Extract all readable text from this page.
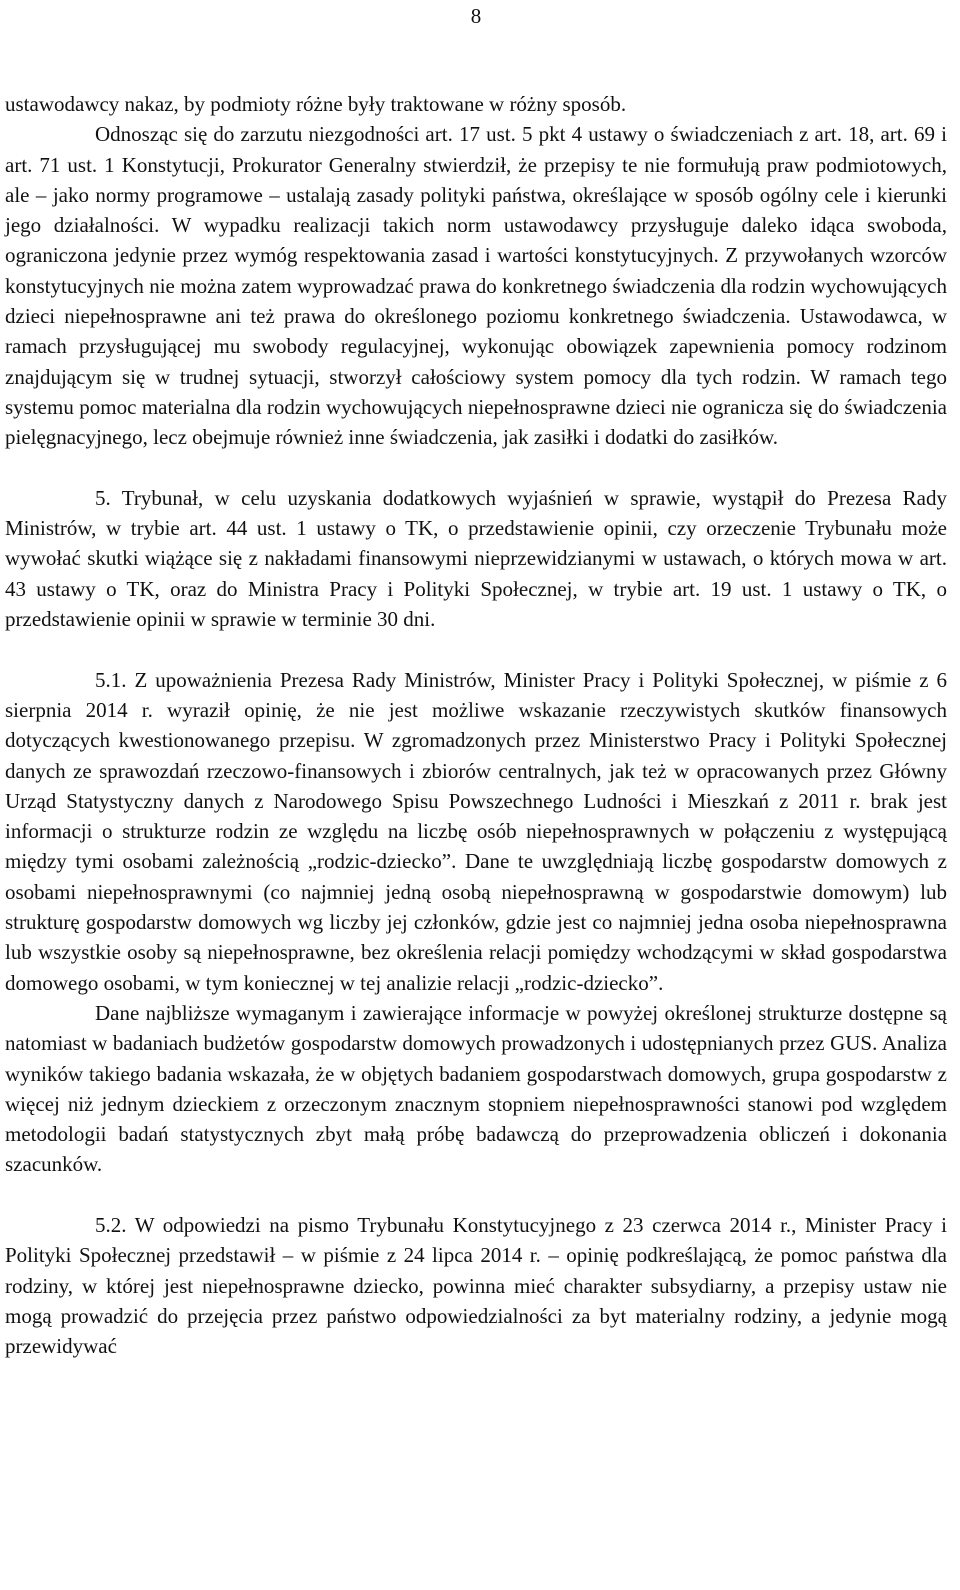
8

ustawodawcy nakaz, by podmioty różne były traktowane w różny sposób.

Odnosząc się do zarzutu niezgodności art. 17 ust. 5 pkt 4 ustawy o świadczeniach z art. 18, art. 69 i art. 71 ust. 1 Konstytucji, Prokurator Generalny stwierdził, że przepisy te nie formułują praw podmiotowych, ale – jako normy programowe – ustalają zasady polityki państwa, określające w sposób ogólny cele i kierunki jego działalności. W wypadku realizacji takich norm ustawodawcy przysługuje daleko idąca swoboda, ograniczona jedynie przez wymóg respektowania zasad i wartości konstytucyjnych. Z przywołanych wzorców konstytucyjnych nie można zatem wyprowadzać prawa do konkretnego świadczenia dla rodzin wychowujących dzieci niepełnosprawne ani też prawa do określonego poziomu konkretnego świadczenia. Ustawodawca, w ramach przysługującej mu swobody regulacyjnej, wykonując obowiązek zapewnienia pomocy rodzinom znajdującym się w trudnej sytuacji, stworzył całościowy system pomocy dla tych rodzin. W ramach tego systemu pomoc materialna dla rodzin wychowujących niepełnosprawne dzieci nie ogranicza się do świadczenia pielęgnacyjnego, lecz obejmuje również inne świadczenia, jak zasiłki i dodatki do zasiłków.

5. Trybunał, w celu uzyskania dodatkowych wyjaśnień w sprawie, wystąpił do Prezesa Rady Ministrów, w trybie art. 44 ust. 1 ustawy o TK, o przedstawienie opinii, czy orzeczenie Trybunału może wywołać skutki wiążące się z nakładami finansowymi nieprzewidzianymi w ustawach, o których mowa w art. 43 ustawy o TK, oraz do Ministra Pracy i Polityki Społecznej, w trybie art. 19 ust. 1 ustawy o TK, o przedstawienie opinii w sprawie w terminie 30 dni.

5.1. Z upoważnienia Prezesa Rady Ministrów, Minister Pracy i Polityki Społecznej, w piśmie z 6 sierpnia 2014 r. wyraził opinię, że nie jest możliwe wskazanie rzeczywistych skutków finansowych dotyczących kwestionowanego przepisu. W zgromadzonych przez Ministerstwo Pracy i Polityki Społecznej danych ze sprawozdań rzeczowo-finansowych i zbiorów centralnych, jak też w opracowanych przez Główny Urząd Statystyczny danych z Narodowego Spisu Powszechnego Ludności i Mieszkań z 2011 r. brak jest informacji o strukturze rodzin ze względu na liczbę osób niepełnosprawnych w połączeniu z występującą między tymi osobami zależnością „rodzic-dziecko”. Dane te uwzględniają liczbę gospodarstw domowych z osobami niepełnosprawnymi (co najmniej jedną osobą niepełnosprawną w gospodarstwie domowym) lub strukturę gospodarstw domowych wg liczby jej członków, gdzie jest co najmniej jedna osoba niepełnosprawna lub wszystkie osoby są niepełnosprawne, bez określenia relacji pomiędzy wchodzącymi w skład gospodarstwa domowego osobami, w tym koniecznej w tej analizie relacji „rodzic-dziecko”.

Dane najbliższe wymaganym i zawierające informacje w powyżej określonej strukturze dostępne są natomiast w badaniach budżetów gospodarstw domowych prowadzonych i udostępnianych przez GUS. Analiza wyników takiego badania wskazała, że w objętych badaniem gospodarstwach domowych, grupa gospodarstw z więcej niż jednym dzieckiem z orzeczonym znacznym stopniem niepełnosprawności stanowi pod względem metodologii badań statystycznych zbyt małą próbę badawczą do przeprowadzenia obliczeń i dokonania szacunków.

5.2. W odpowiedzi na pismo Trybunału Konstytucyjnego z 23 czerwca 2014 r., Minister Pracy i Polityki Społecznej przedstawił – w piśmie z 24 lipca 2014 r. – opinię podkreślającą, że pomoc państwa dla rodziny, w której jest niepełnosprawne dziecko, powinna mieć charakter subsydiarny, a przepisy ustaw nie mogą prowadzić do przejęcia przez państwo odpowiedzialności za byt materialny rodziny, a jedynie mogą przewidywać
